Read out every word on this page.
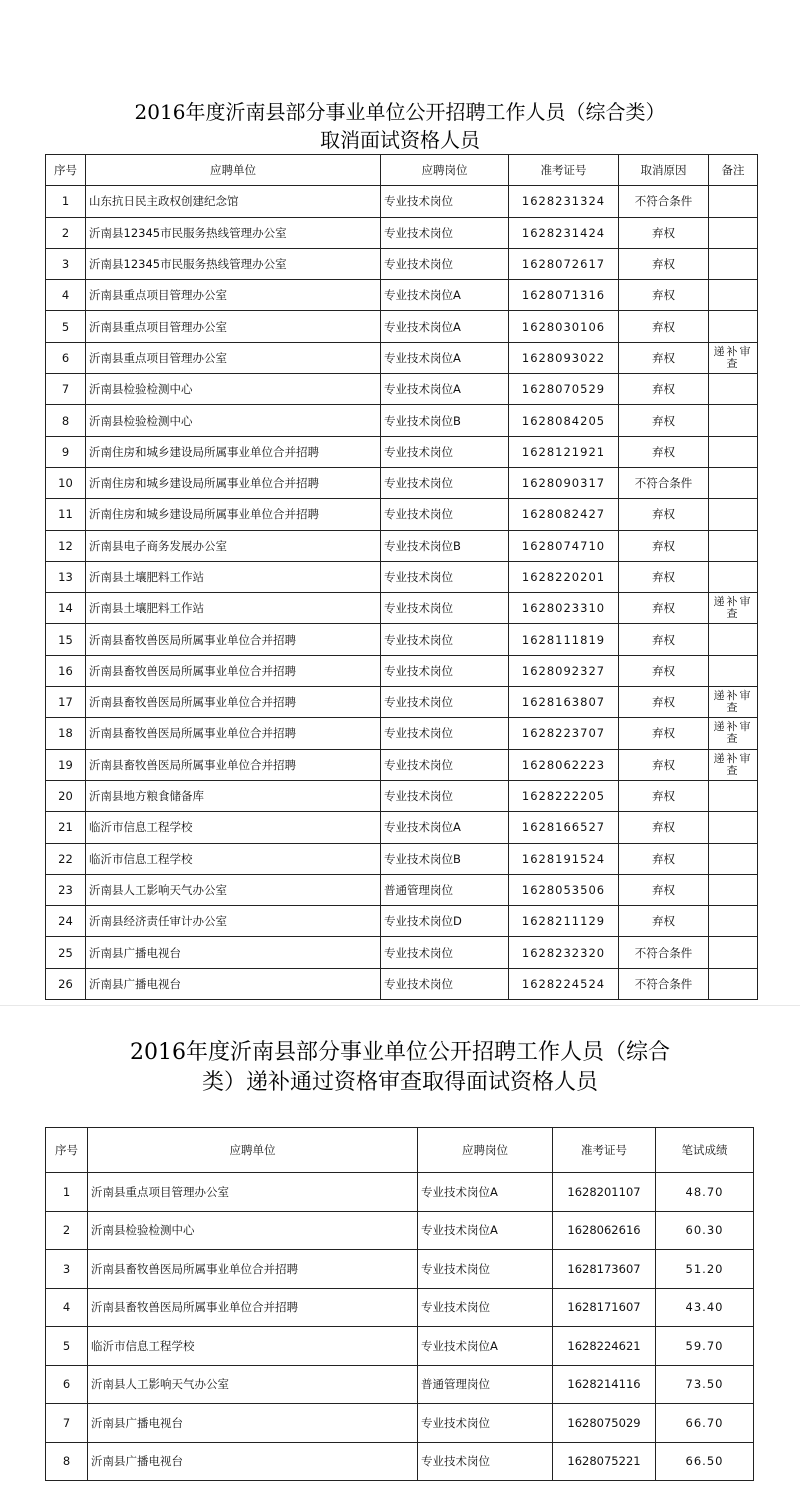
2016年度沂南县部分事业单位公开招聘工作人员（综合类）
取消面试资格人员
序号	应聘单位	应聘岗位	准考证号	取消原因	备注
1	山东抗日民主政权创建纪念馆	专业技术岗位	1628231324	不符合条件	
2	沂南县12345市民服务热线管理办公室	专业技术岗位	1628231424	弃权	
3	沂南县12345市民服务热线管理办公室	专业技术岗位	1628072617	弃权	
4	沂南县重点项目管理办公室	专业技术岗位A	1628071316	弃权	
5	沂南县重点项目管理办公室	专业技术岗位A	1628030106	弃权	
6	沂南县重点项目管理办公室	专业技术岗位A	1628093022	弃权	递补审查
7	沂南县检验检测中心	专业技术岗位A	1628070529	弃权	
8	沂南县检验检测中心	专业技术岗位B	1628084205	弃权	
9	沂南住房和城乡建设局所属事业单位合并招聘	专业技术岗位	1628121921	弃权	
10	沂南住房和城乡建设局所属事业单位合并招聘	专业技术岗位	1628090317	不符合条件	
11	沂南住房和城乡建设局所属事业单位合并招聘	专业技术岗位	1628082427	弃权	
12	沂南县电子商务发展办公室	专业技术岗位B	1628074710	弃权	
13	沂南县土壤肥料工作站	专业技术岗位	1628220201	弃权	
14	沂南县土壤肥料工作站	专业技术岗位	1628023310	弃权	递补审查
15	沂南县畜牧兽医局所属事业单位合并招聘	专业技术岗位	1628111819	弃权	
16	沂南县畜牧兽医局所属事业单位合并招聘	专业技术岗位	1628092327	弃权	
17	沂南县畜牧兽医局所属事业单位合并招聘	专业技术岗位	1628163807	弃权	递补审查
18	沂南县畜牧兽医局所属事业单位合并招聘	专业技术岗位	1628223707	弃权	递补审查
19	沂南县畜牧兽医局所属事业单位合并招聘	专业技术岗位	1628062223	弃权	递补审查
20	沂南县地方粮食储备库	专业技术岗位	1628222205	弃权	
21	临沂市信息工程学校	专业技术岗位A	1628166527	弃权	
22	临沂市信息工程学校	专业技术岗位B	1628191524	弃权	
23	沂南县人工影响天气办公室	普通管理岗位	1628053506	弃权	
24	沂南县经济责任审计办公室	专业技术岗位D	1628211129	弃权	
25	沂南县广播电视台	专业技术岗位	1628232320	不符合条件	
26	沂南县广播电视台	专业技术岗位	1628224524	不符合条件	
2016年度沂南县部分事业单位公开招聘工作人员（综合
类）递补通过资格审查取得面试资格人员
序号	应聘单位	应聘岗位	准考证号	笔试成绩
1	沂南县重点项目管理办公室	专业技术岗位A	1628201107	48.70
2	沂南县检验检测中心	专业技术岗位A	1628062616	60.30
3	沂南县畜牧兽医局所属事业单位合并招聘	专业技术岗位	1628173607	51.20
4	沂南县畜牧兽医局所属事业单位合并招聘	专业技术岗位	1628171607	43.40
5	临沂市信息工程学校	专业技术岗位A	1628224621	59.70
6	沂南县人工影响天气办公室	普通管理岗位	1628214116	73.50
7	沂南县广播电视台	专业技术岗位	1628075029	66.70
8	沂南县广播电视台	专业技术岗位	1628075221	66.50
